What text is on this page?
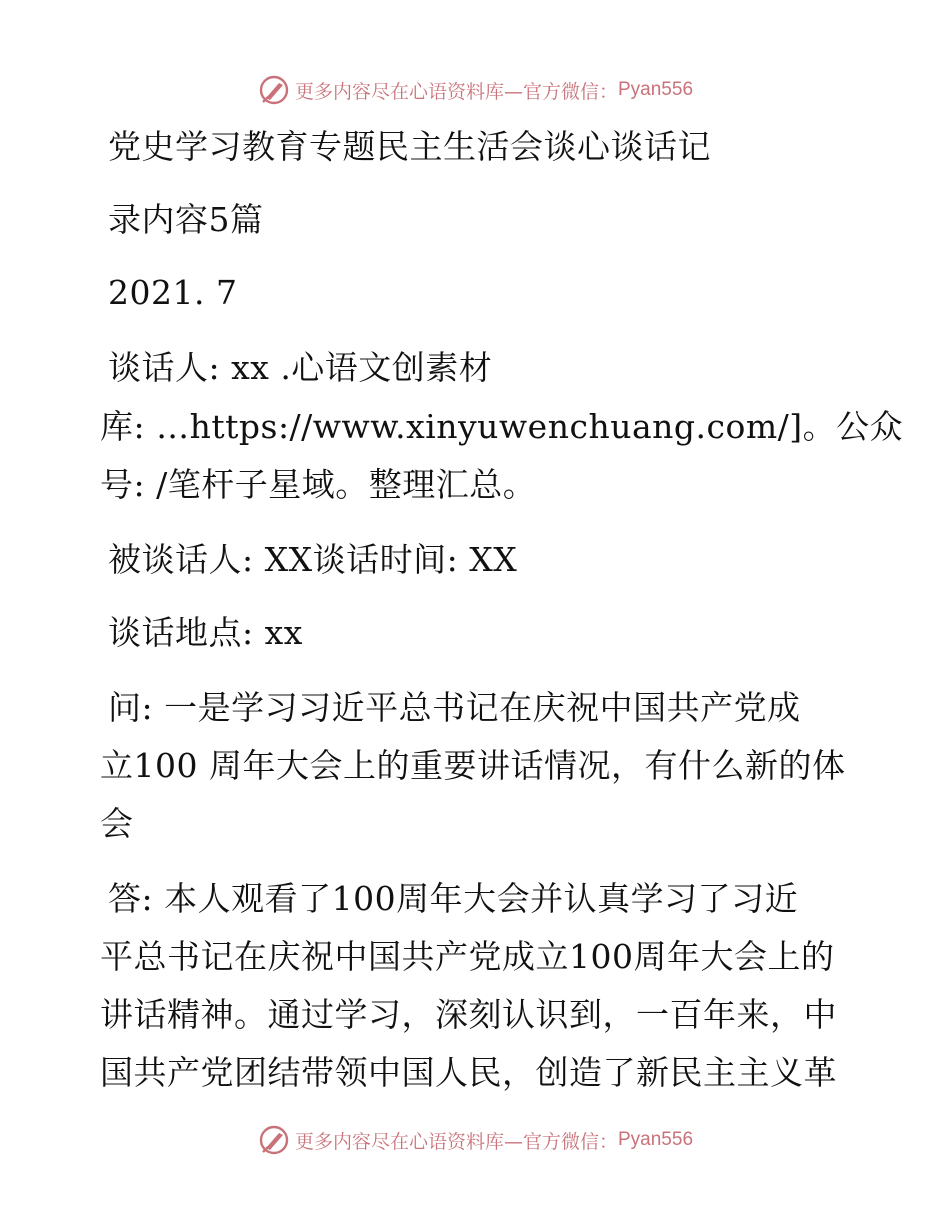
更多内容尽在心语资料库—官方微信： Pyan556
党史学习教育专题民主生活会谈心谈话记
录内容5篇
2021. 7
谈话人: xx .心语文创素材
库: …https://www.xinyuwenchuang.com/]。公众
号: /笔杆子星域。整理汇总。
被谈话人: XX谈话时间: XX
谈话地点: xx
问: 一是学习习近平总书记在庆祝中国共产党成
立100 周年大会上的重要讲话情况，有什么新的体
会
答: 本人观看了100周年大会并认真学习了习近
平总书记在庆祝中国共产党成立100周年大会上的
讲话精神。通过学习，深刻认识到，一百年来，中
国共产党团结带领中国人民，创造了新民主主义革
更多内容尽在心语资料库—官方微信： Pyan556
